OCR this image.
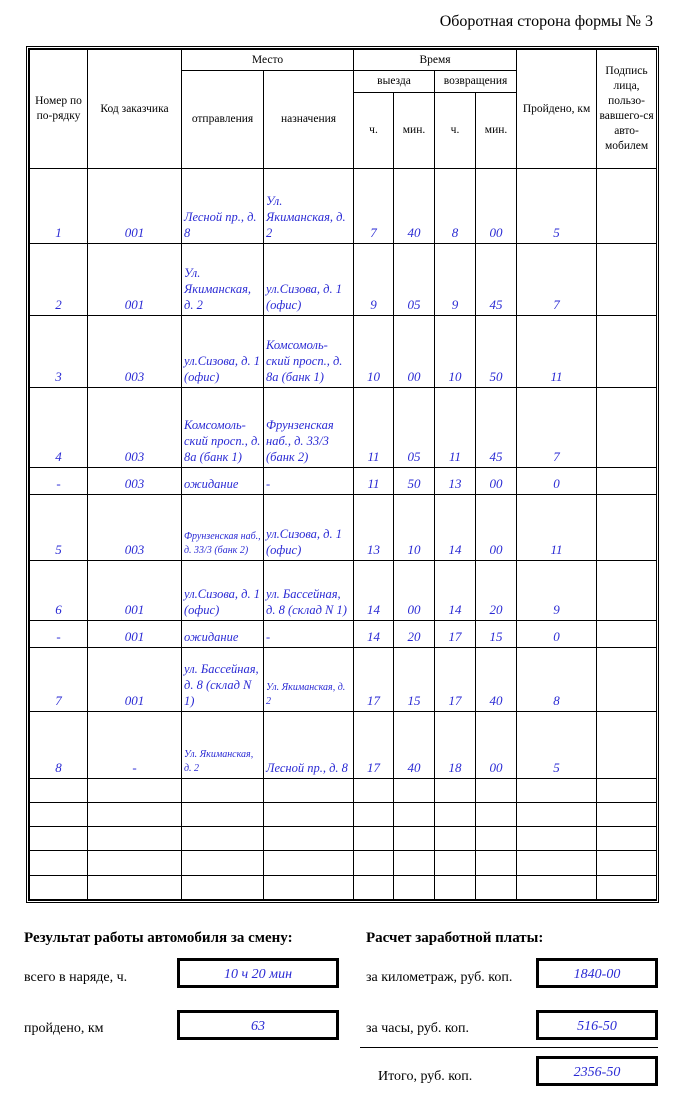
Оборотная сторона формы № 3
Номер по по-рядку	Код заказчика	Место		Время				Пройдено, км	Подпись лица, пользо-вавшего-ся авто-мобилем
		отправления	назначения	выезда		возвращения			
				ч.	мин.	ч.	мин.		
1	001	Лесной пр., д. 8	Ул. Якиманская, д. 2	7	40	8	00	5	
2	001	Ул. Якиманская, д. 2	ул.Сизова, д. 1 (офис)	9	05	9	45	7	
3	003	ул.Сизова, д. 1 (офис)	Комсомоль-ский просп., д. 8а (банк 1)	10	00	10	50	11	
4	003	Комсомоль-ский просп., д. 8а (банк 1)	Фрунзенская наб., д. 33/3 (банк 2)	11	05	11	45	7	
-	003	ожидание	-	11	50	13	00	0	
5	003	Фрунзенская наб., д. 33/3 (банк 2)	ул.Сизова, д. 1 (офис)	13	10	14	00	11	
6	001	ул.Сизова, д. 1 (офис)	ул. Бассейная, д. 8 (склад N 1)	14	00	14	20	9	
-	001	ожидание	-	14	20	17	15	0	
7	001	ул. Бассейная, д. 8 (склад N 1)	Ул. Якиманская, д. 2	17	15	17	40	8	
8	-	Ул. Якиманская, д. 2	Лесной пр., д. 8	17	40	18	00	5	

Результат работы автомобиля за смену:	Расчет заработной платы:
всего в наряде, ч.	10 ч 20 мин
пройдено, км	63
за километраж, руб. коп.	1840-00
за часы, руб. коп.	516-50
Итого, руб. коп.	2356-50
